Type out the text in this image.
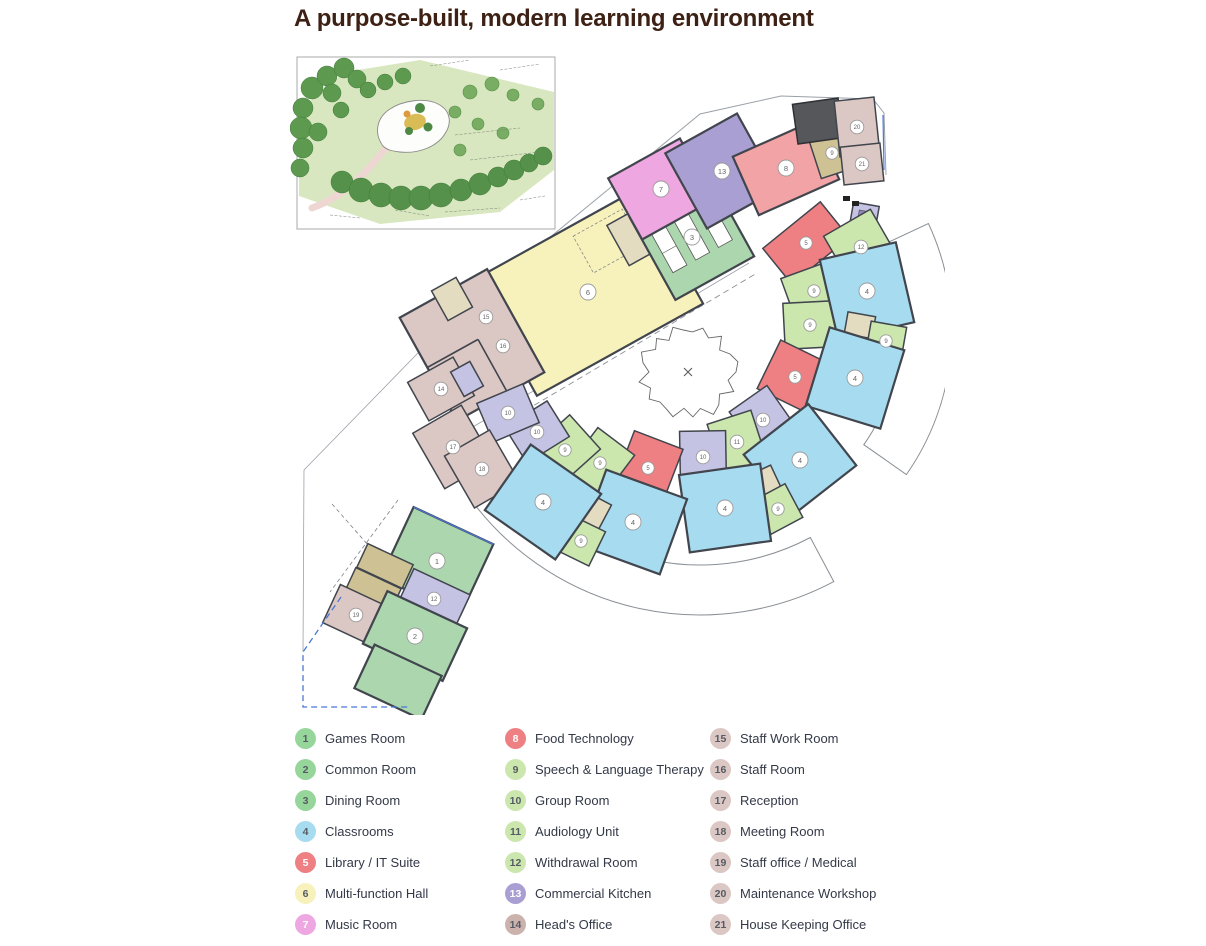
A purpose-built, modern learning environment
6
3
7
13	8
9
20
21
14
5
12
9
9
5
10
11
10
5
9
9
10
10
17
18
4
9
4
4
9
4
4
9
4
1
19
12
2
15
16
1	Games Room
2	Common Room
3	Dining Room
4	Classrooms
5	Library / IT Suite
6	Multi-function Hall
7	Music Room
8	Food Technology
9	Speech & Language Therapy
10	Group Room
11	Audiology Unit
12	Withdrawal Room
13	Commercial Kitchen
14	Head's Office
15	Staff Work Room
16	Staff Room
17	Reception
18	Meeting Room
19	Staff office / Medical
20	Maintenance Workshop
21	House Keeping Office
